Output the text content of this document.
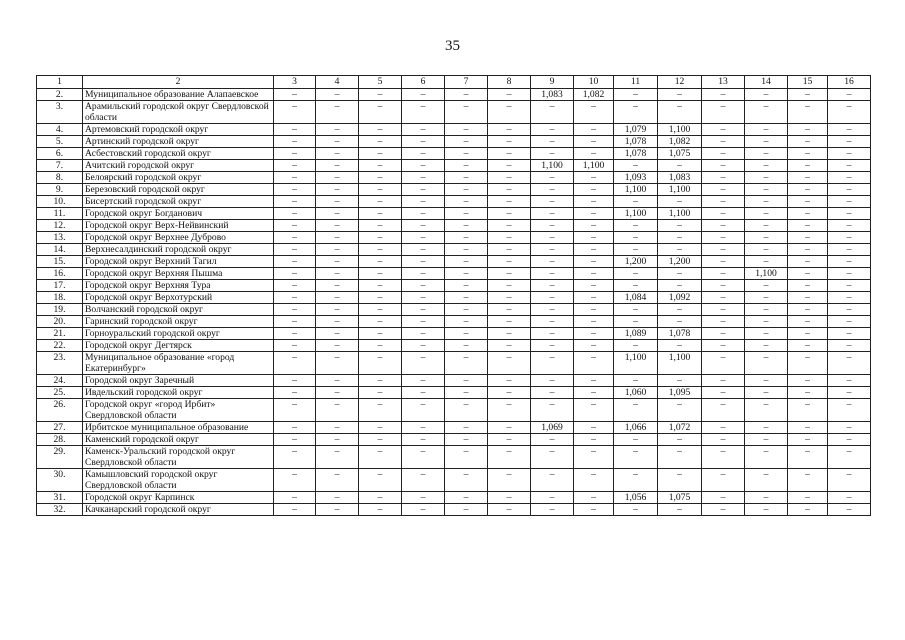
35
1	2	3	4	5	6	7	8	9	10	11	12	13	14	15	16
2.	Муниципальное образование Алапаевское	–	–	–	–	–	–	1,083	1,082	–	–	–	–	–	–
3.	Арамильский городской округ Свердловской области	–	–	–	–	–	–	–	–	–	–	–	–	–	–
4.	Артемовский городской округ	–	–	–	–	–	–	–	–	1,079	1,100	–	–	–	–
5.	Артинский городской округ	–	–	–	–	–	–	–	–	1,078	1,082	–	–	–	–
6.	Асбестовский городской округ	–	–	–	–	–	–	–	–	1,078	1,075	–	–	–	–
7.	Ачитский городской округ	–	–	–	–	–	–	1,100	1,100	–	–	–	–	–	–
8.	Белоярский городской округ	–	–	–	–	–	–	–	–	1,093	1,083	–	–	–	–
9.	Березовский городской округ	–	–	–	–	–	–	–	–	1,100	1,100	–	–	–	–
10.	Бисертский городской округ	–	–	–	–	–	–	–	–	–	–	–	–	–	–
11.	Городской округ Богданович	–	–	–	–	–	–	–	–	1,100	1,100	–	–	–	–
12.	Городской округ Верх-Нейвинский	–	–	–	–	–	–	–	–	–	–	–	–	–	–
13.	Городской округ Верхнее Дуброво	–	–	–	–	–	–	–	–	–	–	–	–	–	–
14.	Верхнесалдинский городской округ	–	–	–	–	–	–	–	–	–	–	–	–	–	–
15.	Городской округ Верхний Тагил	–	–	–	–	–	–	–	–	1,200	1,200	–	–	–	–
16.	Городской округ Верхняя Пышма	–	–	–	–	–	–	–	–	–	–	–	1,100	–	–
17.	Городской округ Верхняя Тура	–	–	–	–	–	–	–	–	–	–	–	–	–	–
18.	Городской округ Верхотурский	–	–	–	–	–	–	–	–	1,084	1,092	–	–	–	–
19.	Волчанский городской округ	–	–	–	–	–	–	–	–	–	–	–	–	–	–
20.	Гаринский городской округ	–	–	–	–	–	–	–	–	–	–	–	–	–	–
21.	Горноуральский городской округ	–	–	–	–	–	–	–	–	1,089	1,078	–	–	–	–
22.	Городской округ Дегтярск	–	–	–	–	–	–	–	–	–	–	–	–	–	–
23.	Муниципальное образование «город Екатеринбург»	–	–	–	–	–	–	–	–	1,100	1,100	–	–	–	–
24.	Городской округ Заречный	–	–	–	–	–	–	–	–	–	–	–	–	–	–
25.	Ивдельский городской округ	–	–	–	–	–	–	–	–	1,060	1,095	–	–	–	–
26.	Городской округ «город Ирбит» Свердловской области	–	–	–	–	–	–	–	–	–	–	–	–	–	–
27.	Ирбитское муниципальное образование	–	–	–	–	–	–	1,069	–	1,066	1,072	–	–	–	–
28.	Каменский городской округ	–	–	–	–	–	–	–	–	–	–	–	–	–	–
29.	Каменск-Уральский городской округ Свердловской области	–	–	–	–	–	–	–	–	–	–	–	–	–	–
30.	Камышловский городской округ Свердловской области	–	–	–	–	–	–	–	–	–	–	–	–	–	–
31.	Городской округ Карпинск	–	–	–	–	–	–	–	–	1,056	1,075	–	–	–	–
32.	Качканарский городской округ	–	–	–	–	–	–	–	–	–	–	–	–	–	–
